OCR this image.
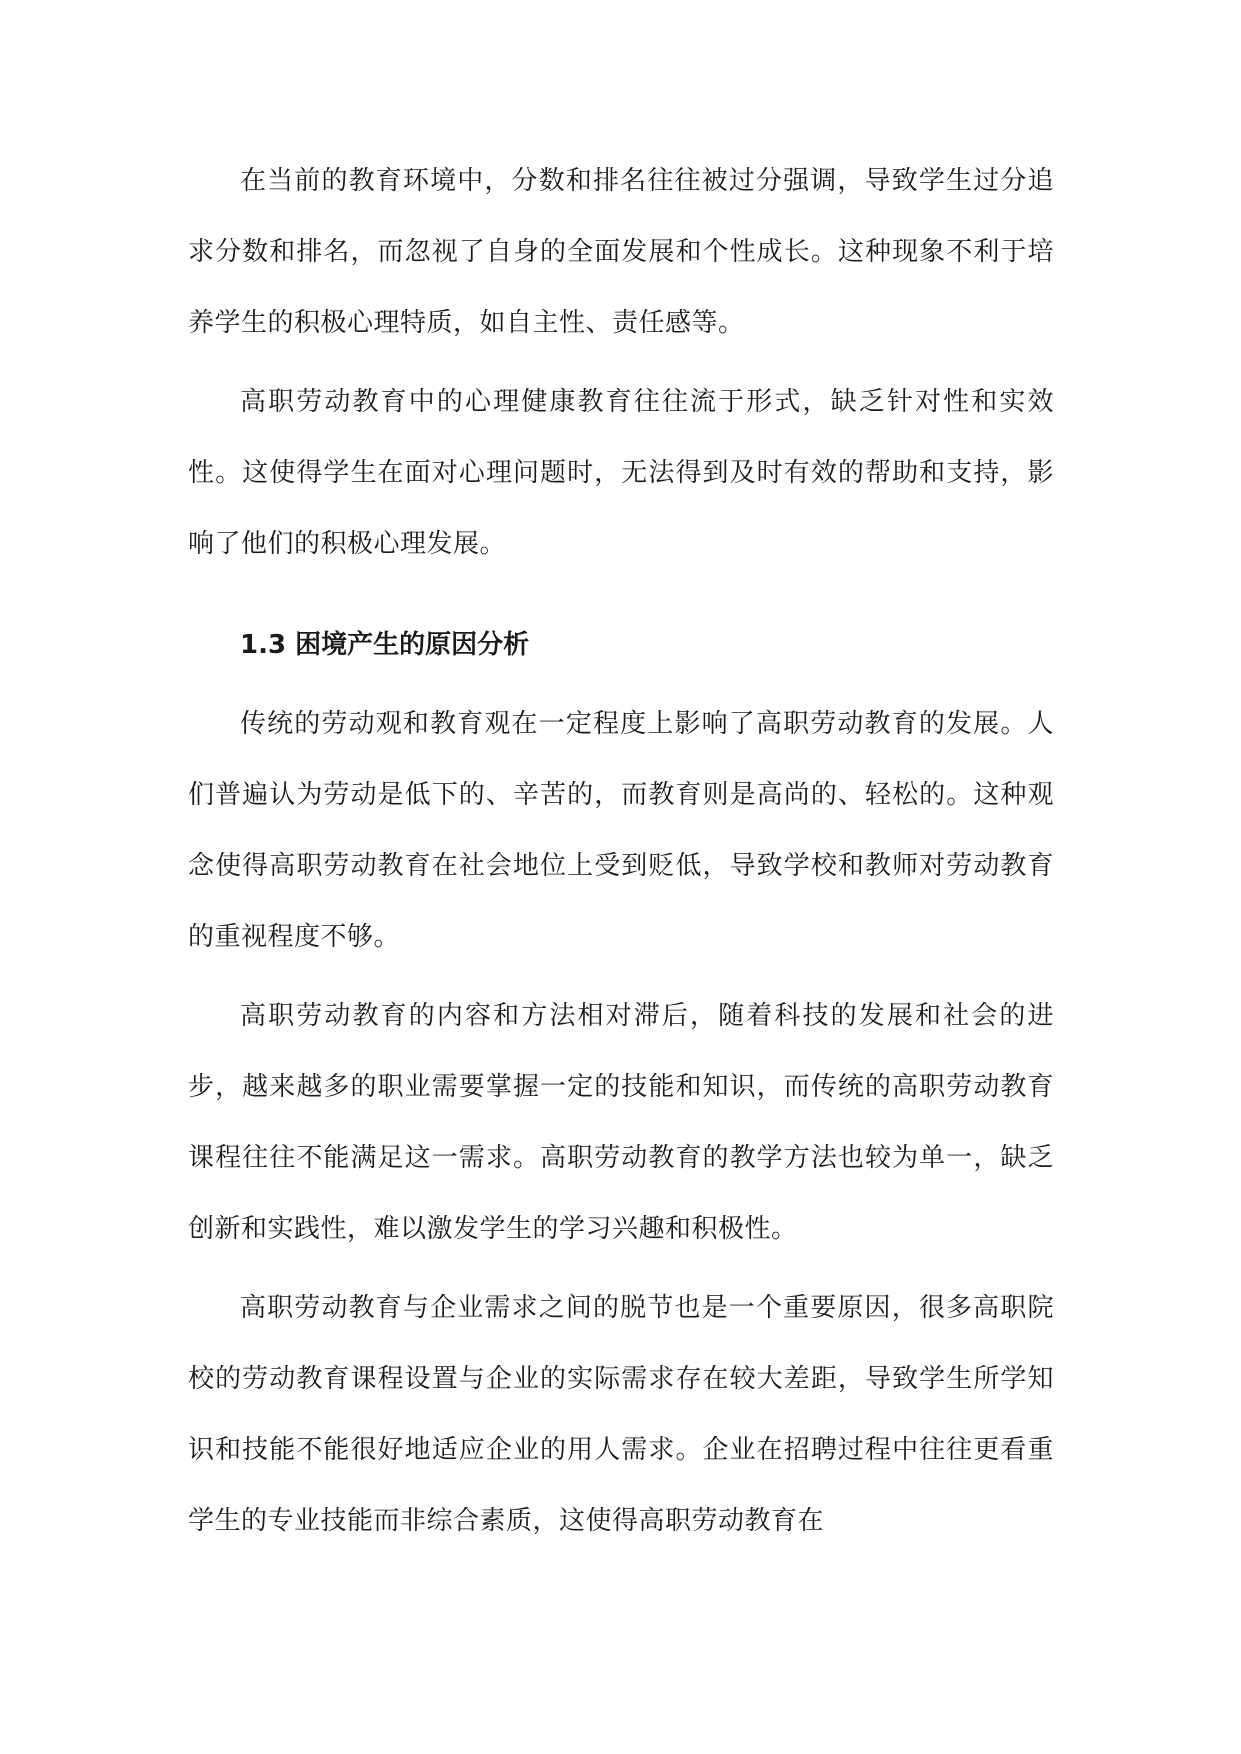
在当前的教育环境中，分数和排名往往被过分强调，导致学生过分追求分数和排名，而忽视了自身的全面发展和个性成长。这种现象不利于培养学生的积极心理特质，如自主性、责任感等。

高职劳动教育中的心理健康教育往往流于形式，缺乏针对性和实效性。这使得学生在面对心理问题时，无法得到及时有效的帮助和支持，影响了他们的积极心理发展。

1.3 困境产生的原因分析

传统的劳动观和教育观在一定程度上影响了高职劳动教育的发展。人们普遍认为劳动是低下的、辛苦的，而教育则是高尚的、轻松的。这种观念使得高职劳动教育在社会地位上受到贬低，导致学校和教师对劳动教育的重视程度不够。

高职劳动教育的内容和方法相对滞后，随着科技的发展和社会的进步，越来越多的职业需要掌握一定的技能和知识，而传统的高职劳动教育课程往往不能满足这一需求。高职劳动教育的教学方法也较为单一，缺乏创新和实践性，难以激发学生的学习兴趣和积极性。

高职劳动教育与企业需求之间的脱节也是一个重要原因，很多高职院校的劳动教育课程设置与企业的实际需求存在较大差距，导致学生所学知识和技能不能很好地适应企业的用人需求。企业在招聘过程中往往更看重学生的专业技能而非综合素质，这使得高职劳动教育在
